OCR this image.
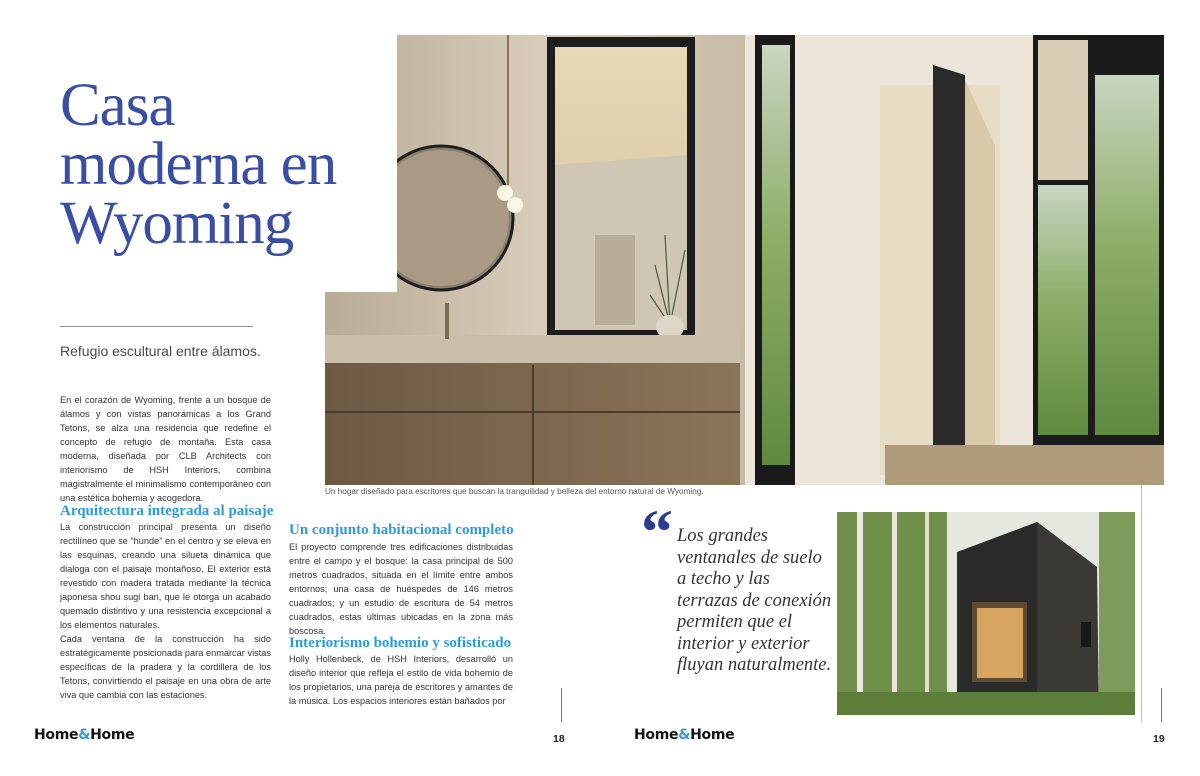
Casa
moderna en
Wyoming
Refugio escultural entre álamos.

En el corazón de Wyoming, frente a un bosque de álamos y con vistas panorámicas a los Grand Tetons, se alza una residencia que redefine el concepto de refugio de montaña. Esta casa moderna, diseñada por CLB Architects con interiorismo de HSH Interiors, combina magistralmente el minimalismo contemporáneo con una estética bohemia y acogedora.

Arquitectura integrada al paisaje

La construcción principal presenta un diseño rectilíneo que se “hunde” en el centro y se eleva en las esquinas, creando una silueta dinámica que dialoga con el paisaje montañoso. El exterior está revestido con madera tratada mediante la técnica japonesa shou sugi ban, que le otorga un acabado quemado distintivo y una resistencia excepcional a los elementos naturales.

Cada ventana de la construcción ha sido estratégicamente posicionada para enmarcar vistas específicas de la pradera y la cordillera de los Tetons, convirtiendo el paisaje en una obra de arte viva que cambia con las estaciones.

Un conjunto habitacional completo

El proyecto comprende tres edificaciones distribuidas entre el campo y el bosque: la casa principal de 500 metros cuadrados, situada en el límite entre ambos entornos; una casa de huéspedes de 146 metros cuadrados; y un estudio de escritura de 54 metros cuadrados, estas últimas ubicadas en la zona más boscosa.

Interiorismo bohemio y sofisticado

Holly Hollenbeck, de HSH Interiors, desarrolló un diseño interior que refleja el estilo de vida bohemio de los propietarios, una pareja de escritores y amantes de la música. Los espacios interiores están bañados por

Un hogar diseñado para escritores que buscan la tranquilidad y belleza del entorno natural de Wyoming.
“ Los grandes ventanales de suelo a techo y las terrazas de conexión permiten que el interior y exterior fluyan naturalmente.

Home&Home	18	Home&Home	19
